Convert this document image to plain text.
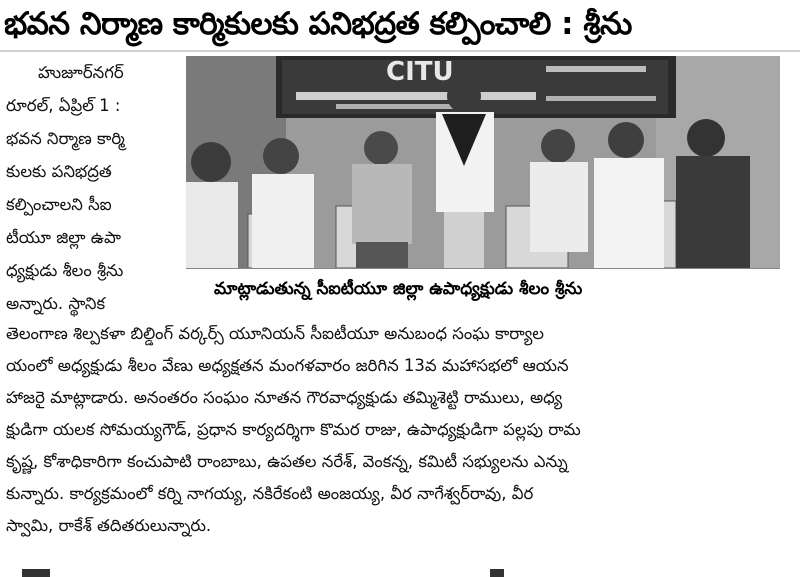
భవన నిర్మాణ కార్మికులకు పనిభద్రత కల్పించాలి : శ్రీను
హుజూర్‌నగర్
రూరల్, ఏప్రిల్ 1 :
భవన నిర్మాణ కార్మి
కులకు పనిభద్రత
కల్పించాలని సీఐ
టీయూ జిల్లా ఉపా
ధ్యక్షుడు శీలం శ్రీను
అన్నారు. స్థానిక
CITU
మాట్లాడుతున్న సీఐటీయూ జిల్లా ఉపాధ్యక్షుడు శీలం శ్రీను
తెలంగాణ శిల్పకళా బిల్డింగ్ వర్కర్స్ యూనియన్ సీఐటీయూ అనుబంధ సంఘ కార్యాల
యంలో అధ్యక్షుడు శీలం వేణు అధ్యక్షతన మంగళవారం జరిగిన 13వ మహాసభలో ఆయన
హాజరై మాట్లాడారు. అనంతరం సంఘం నూతన గౌరవాధ్యక్షుడు తమ్మిశెట్టి రాములు, అధ్య
క్షుడిగా యలక సోమయ్యగౌడ్, ప్రధాన కార్యదర్శిగా కొమర రాజు, ఉపాధ్యక్షుడిగా పల్లపు రామ
కృష్ణ, కోశాధికారిగా కంచుపాటి రాంబాబు, ఉపతల నరేశ్, వెంకన్న, కమిటీ సభ్యులను ఎన్ను
కున్నారు. కార్యక్రమంలో కర్ని నాగయ్య, నకిరేకంటి అంజయ్య, వీర నాగేశ్వర్‌రావు, వీర
స్వామి, రాకేశ్ తదితరులున్నారు.
